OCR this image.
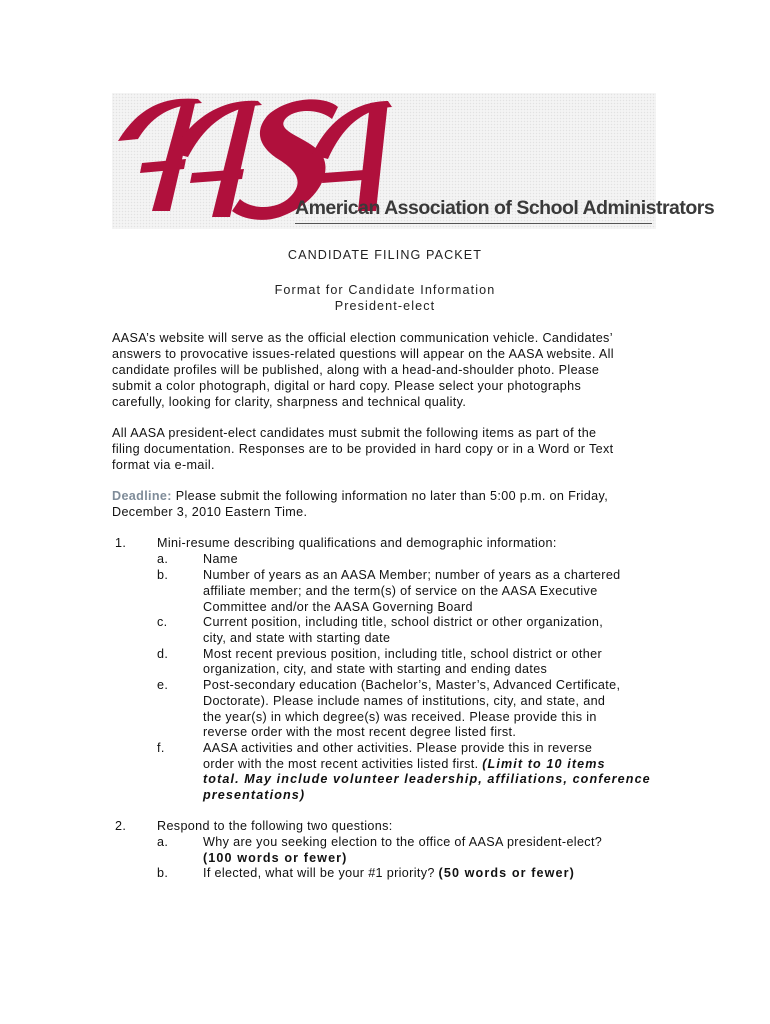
American Association of School Administrators
CANDIDATE FILING PACKET
Format for Candidate Information
President-elect
AASA’s website will serve as the official election communication vehicle. Candidates’
answers to provocative issues-related questions will appear on the AASA website. All
candidate profiles will be published, along with a head-and-shoulder photo. Please
submit a color photograph, digital or hard copy. Please select your photographs
carefully, looking for clarity, sharpness and technical quality.
All AASA president-elect candidates must submit the following items as part of the
filing documentation. Responses are to be provided in hard copy or in a Word or Text
format via e-mail.
Deadline: Please submit the following information no later than 5:00 p.m. on Friday,
December 3, 2010 Eastern Time.
1. Mini-resume describing qualifications and demographic information:
a.	Name
b.	Number of years as an AASA Member; number of years as a chartered
affiliate member; and the term(s) of service on the AASA Executive
Committee and/or the AASA Governing Board
c.	Current position, including title, school district or other organization,
city, and state with starting date
d.	Most recent previous position, including title, school district or other
organization, city, and state with starting and ending dates
e.	Post-secondary education (Bachelor’s, Master’s, Advanced Certificate,
Doctorate). Please include names of institutions, city, and state, and
the year(s) in which degree(s) was received. Please provide this in
reverse order with the most recent degree listed first.
f.	AASA activities and other activities. Please provide this in reverse
order with the most recent activities listed first. (Limit to 10 items
total. May include volunteer leadership, affiliations, conference
presentations)
2. Respond to the following two questions:
a.	Why are you seeking election to the office of AASA president-elect?
(100 words or fewer)
b.	If elected, what will be your #1 priority? (50 words or fewer)
